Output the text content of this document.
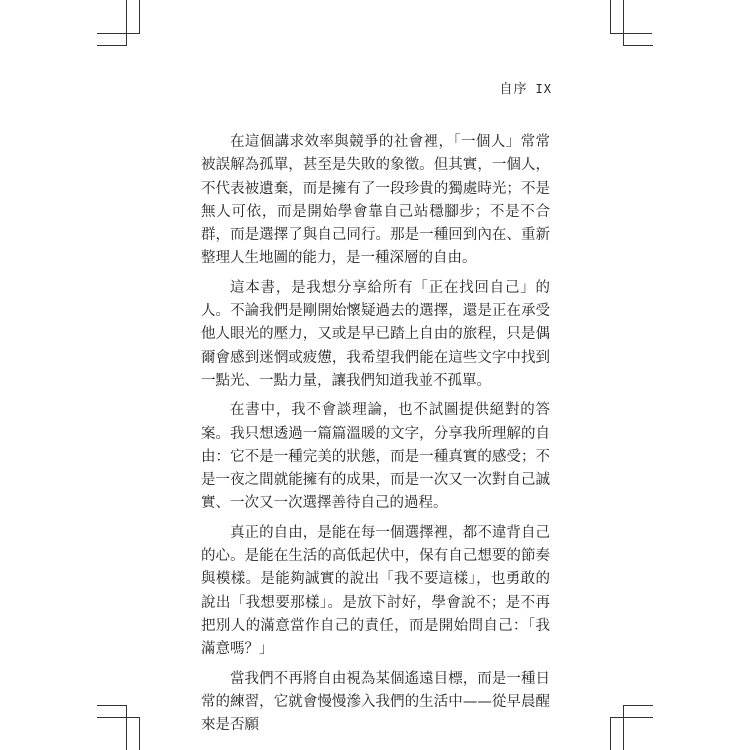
自序 IX

在這個講求效率與競爭的社會裡，「一個人」常常被誤解為孤單，甚至是失敗的象徵。但其實，一個人，不代表被遺棄，而是擁有了一段珍貴的獨處時光；不是無人可依，而是開始學會靠自己站穩腳步；不是不合群，而是選擇了與自己同行。那是一種回到內在、重新整理人生地圖的能力，是一種深層的自由。

這本書，是我想分享給所有「正在找回自己」的人。不論我們是剛開始懷疑過去的選擇，還是正在承受他人眼光的壓力，又或是早已踏上自由的旅程，只是偶爾會感到迷惘或疲憊，我希望我們能在這些文字中找到一點光、一點力量，讓我們知道我並不孤單。

在書中，我不會談理論，也不試圖提供絕對的答案。我只想透過一篇篇溫暖的文字，分享我所理解的自由：它不是一種完美的狀態，而是一種真實的感受；不是一夜之間就能擁有的成果，而是一次又一次對自己誠實、一次又一次選擇善待自己的過程。

真正的自由，是能在每一個選擇裡，都不違背自己的心。是能在生活的高低起伏中，保有自己想要的節奏與模樣。是能夠誠實的說出「我不要這樣」，也勇敢的說出「我想要那樣」。是放下討好，學會說不；是不再把別人的滿意當作自己的責任，而是開始問自己：「我滿意嗎？」

當我們不再將自由視為某個遙遠目標，而是一種日常的練習，它就會慢慢滲入我們的生活中——從早晨醒來是否願
